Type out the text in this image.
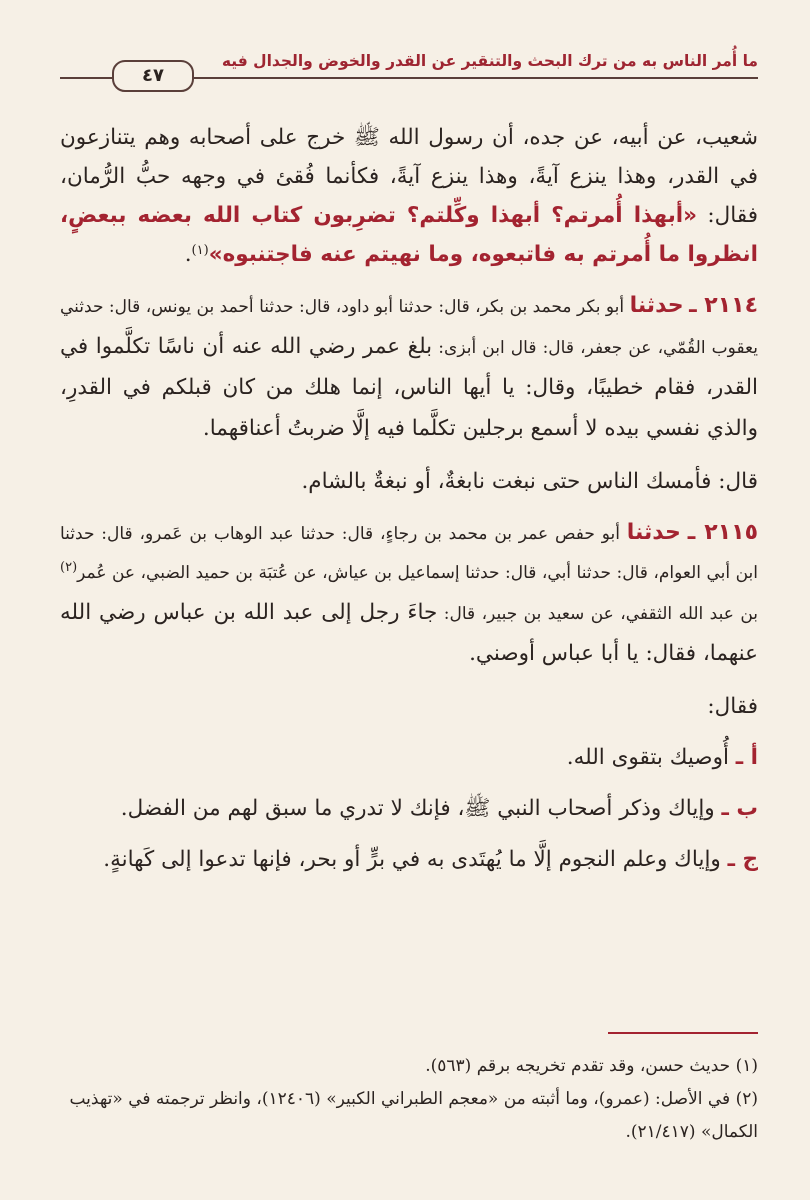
ما أُمر الناس به من ترك البحث والتنقير عن القدر والخوض والجدال فيه
٤٧

شعيب، عن أبيه، عن جده، أن رسول الله ﷺ خرج على أصحابه وهم يتنازعون في القدر، وهذا ينزع آيةً، وهذا ينزع آيةً، فكأنما فُقئ في وجهه حبُّ الرُّمان، فقال: «أبهذا أُمرتم؟ أبهذا وكِّلتم؟ تضرِبون كتاب الله بعضه ببعضٍ، انظروا ما أُمرتم به فاتبعوه، وما نهيتم عنه فاجتنبوه»$^{(١)}$.

٢١١٤ ـ حدثنا أبو بكر محمد بن بكر، قال: حدثنا أبو داود، قال: حدثنا أحمد بن يونس، قال: حدثني يعقوب القُمّي، عن جعفر، قال: قال ابن أبزى: بلغ عمر رضي الله عنه أن ناسًا تكلَّموا في القدر، فقام خطيبًا، وقال: يا أيها الناس، إنما هلك من كان قبلكم في القدرِ، والذي نفسي بيده لا أسمع برجلين تكلَّما فيه إلَّا ضربتُ أعناقهما.

قال: فأمسك الناس حتى نبغت نابغةٌ، أو نبغةٌ بالشام.

٢١١٥ ـ حدثنا أبو حفص عمر بن محمد بن رجاءٍ، قال: حدثنا عبد الوهاب بن عَمرو، قال: حدثنا ابن أبي العوام، قال: حدثنا أبي، قال: حدثنا إسماعيل بن عياش، عن عُتبَة بن حميد الضبي، عن عُمر$^{(٢)}$ بن عبد الله الثقفي، عن سعيد بن جبير، قال: جاءَ رجل إلى عبد الله بن عباس رضي الله عنهما، فقال: يا أبا عباس أوصني.

فقال:

أ ـ أُوصيك بتقوى الله.

ب ـ وإياك وذكر أصحاب النبي ﷺ، فإنك لا تدري ما سبق لهم من الفضل.

ج ـ وإياك وعلم النجوم إلَّا ما يُهتَدى به في برٍّ أو بحر، فإنها تدعوا إلى كَهانةٍ.

(١) حديث حسن، وقد تقدم تخريجه برقم (٥٦٣).

(٢) في الأصل: (عمرو)، وما أثبته من «معجم الطبراني الكبير» (١٢٤٠٦)، وانظر ترجمته في «تهذيب الكمال» (٢١/٤١٧).
